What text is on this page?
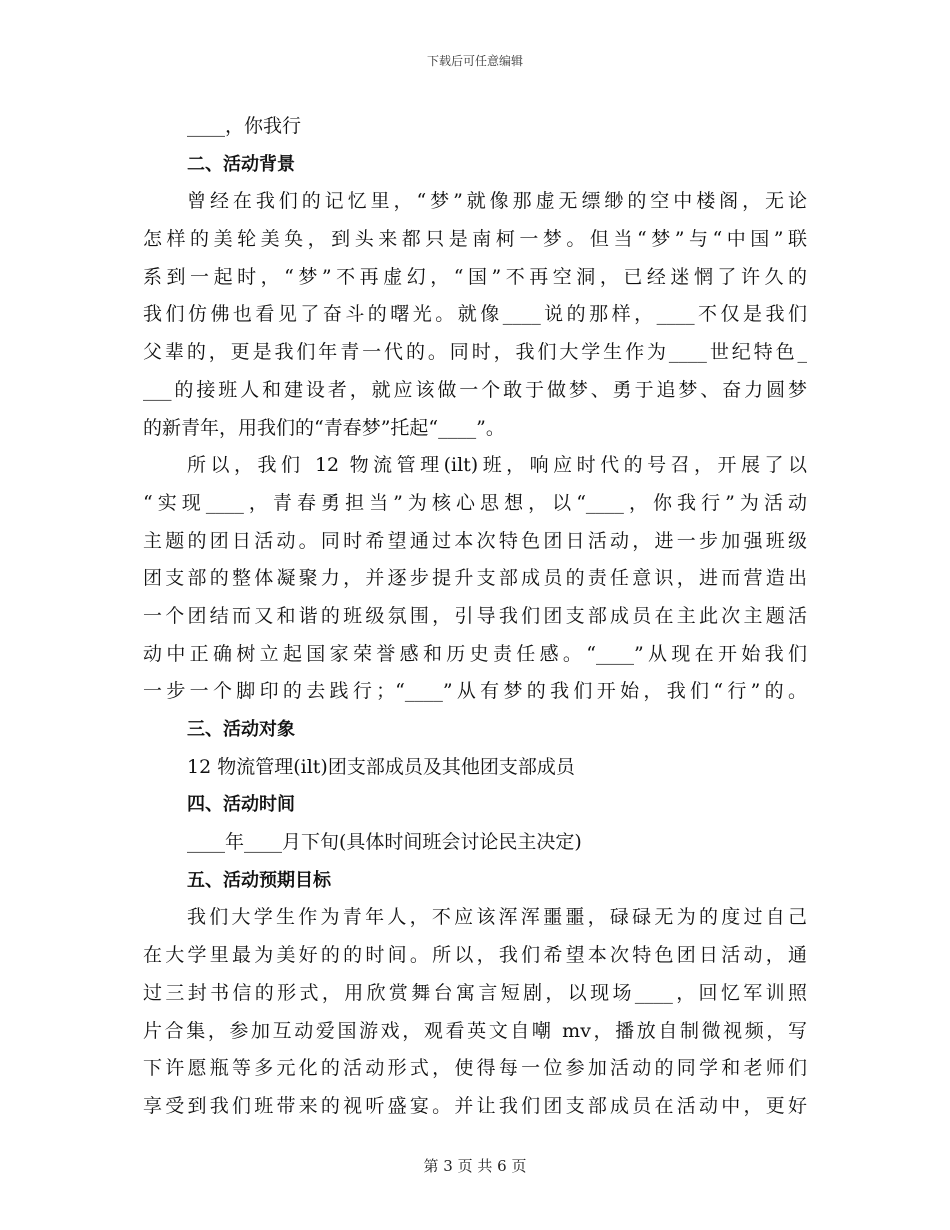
下载后可任意编辑
____，你我行
二、活动背景
曾经在我们的记忆里，“梦”就像那虚无缥缈的空中楼阁，无论
怎样的美轮美奂，到头来都只是南柯一梦。但当“梦”与“中国”联
系到一起时，“梦”不再虚幻，“国”不再空洞，已经迷惘了许久的
我们仿佛也看见了奋斗的曙光。就像____说的那样，____不仅是我们
父辈的，更是我们年青一代的。同时，我们大学生作为____世纪特色_
___的接班人和建设者，就应该做一个敢于做梦、勇于追梦、奋力圆梦
的新青年，用我们的“青春梦”托起“____”。
所以，我们 12 物流管理(ilt)班，响应时代的号召，开展了以
“实现____，青春勇担当”为核心思想，以“____，你我行”为活动
主题的团日活动。同时希望通过本次特色团日活动，进一步加强班级
团支部的整体凝聚力，并逐步提升支部成员的责任意识，进而营造出
一个团结而又和谐的班级氛围，引导我们团支部成员在主此次主题活
动中正确树立起国家荣誉感和历史责任感。“____”从现在开始我们
一步一个脚印的去践行；“____”从有梦的我们开始，我们“行”的。
三、活动对象
12 物流管理(ilt)团支部成员及其他团支部成员
四、活动时间
____年____月下旬(具体时间班会讨论民主决定)
五、活动预期目标
我们大学生作为青年人，不应该浑浑噩噩，碌碌无为的度过自己
在大学里最为美好的的时间。所以，我们希望本次特色团日活动，通
过三封书信的形式，用欣赏舞台寓言短剧，以现场____，回忆军训照
片合集，参加互动爱国游戏，观看英文自嘲 mv，播放自制微视频，写
下许愿瓶等多元化的活动形式，使得每一位参加活动的同学和老师们
享受到我们班带来的视听盛宴。并让我们团支部成员在活动中，更好
第 3 页 共 6 页
